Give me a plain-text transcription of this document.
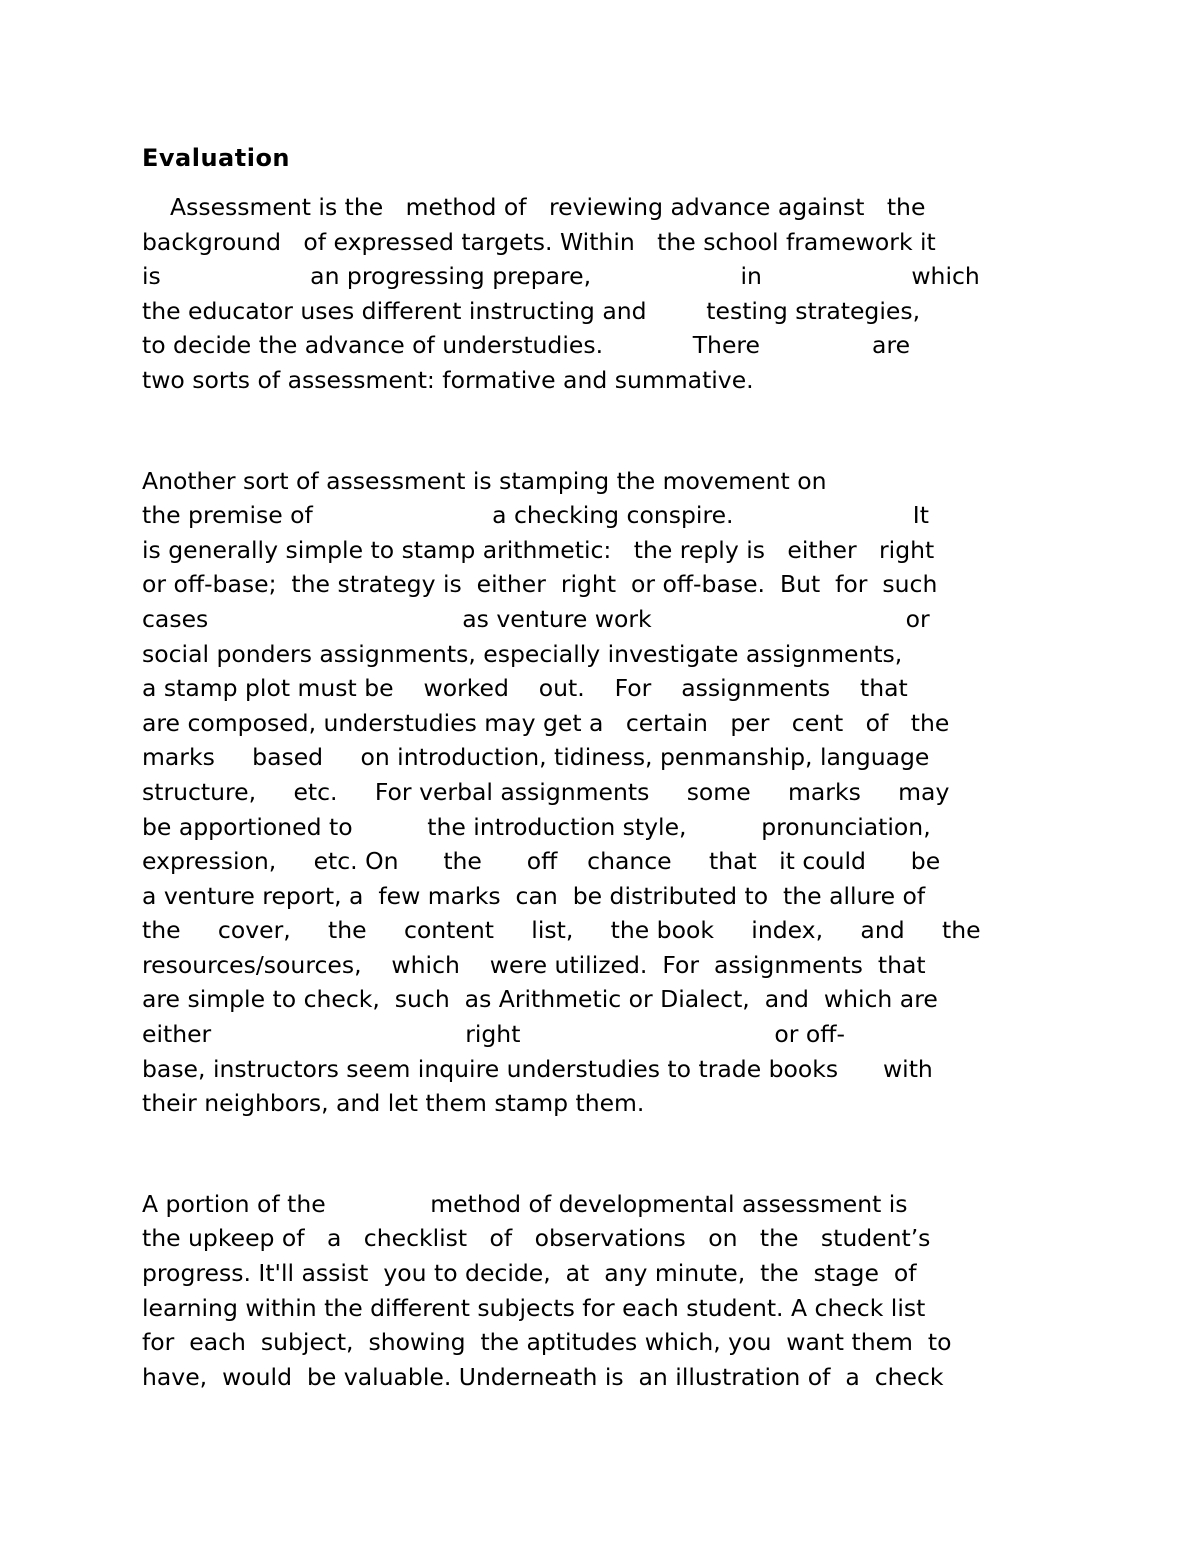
Evaluation
Assessment is the   method of   reviewing advance against   the
background   of expressed targets. Within   the school framework it
is                    an progressing prepare,                    in                    which
the educator uses different instructing and        testing strategies,
to decide the advance of understudies.            There               are
two sorts of assessment: formative and summative.
Another sort of assessment is stamping the movement on
the premise of                        a checking conspire.                        It
is generally simple to stamp arithmetic:   the reply is   either   right
or off-base;  the strategy is  either  right  or off-base.  But  for  such
cases                                  as venture work                                  or
social ponders assignments, especially investigate assignments,
a stamp plot must be    worked    out.    For    assignments    that
are composed, understudies may get a   certain   per   cent   of   the
marks     based     on introduction, tidiness, penmanship, language
structure,     etc.     For verbal assignments     some     marks     may
be apportioned to          the introduction style,          pronunciation,
expression,     etc. On      the      off    chance     that   it could      be
a venture report, a  few marks  can  be distributed to  the allure of
the     cover,     the     content     list,     the book     index,     and     the
resources/sources,    which    were utilized.  For  assignments  that
are simple to check,  such  as Arithmetic or Dialect,  and  which are
either                                  right                                  or off-
base, instructors seem inquire understudies to trade books      with
their neighbors, and let them stamp them.
A portion of the              method of developmental assessment is
the upkeep of   a   checklist   of   observations   on   the   student’s
progress. It'll assist  you to decide,  at  any minute,  the  stage  of
learning within the different subjects for each student. A check list
for  each  subject,  showing  the aptitudes which, you  want them  to
have,  would  be valuable. Underneath is  an illustration of  a  check
